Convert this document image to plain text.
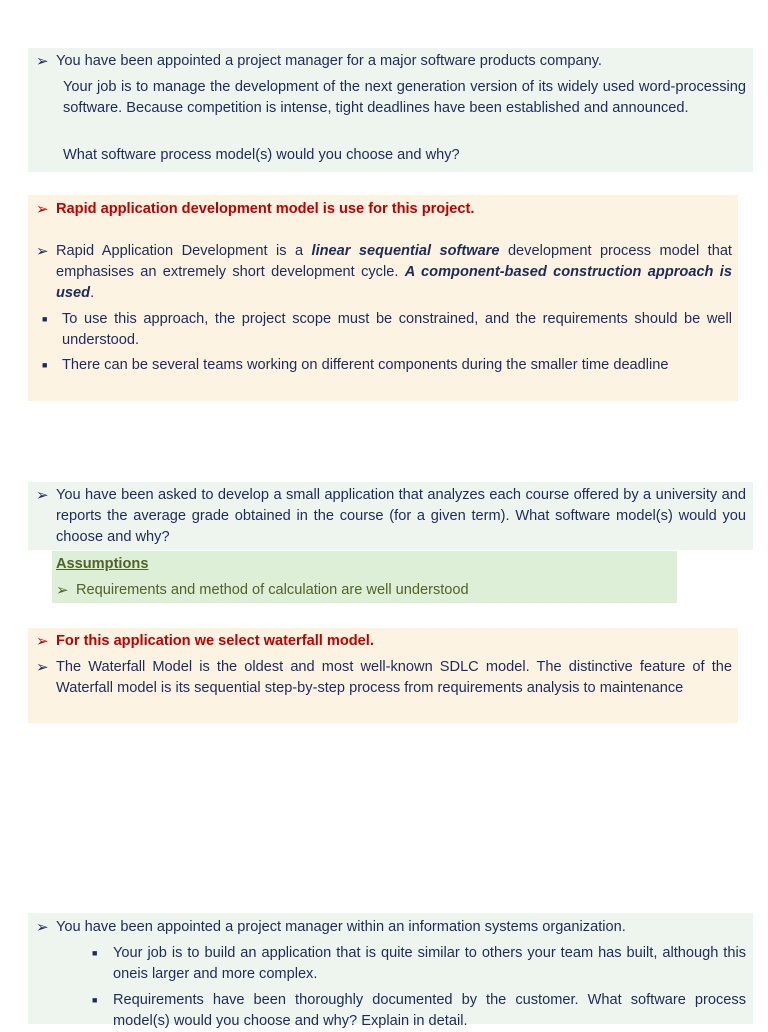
➢ You have been appointed a project manager for a major software products company.

Your job is to manage the development of the next generation version of its widely used word-processing software. Because competition is intense, tight deadlines have been established and announced.

What software process model(s) would you choose and why?

➢ Rapid application development model is use for this project.

➢ Rapid Application Development is a linear sequential software development process model that emphasises an extremely short development cycle. A component-based construction approach is used.

■ To use this approach, the project scope must be constrained, and the requirements should be well understood.

■ There can be several teams working on different components during the smaller time deadline

➢ You have been asked to develop a small application that analyzes each course offered by a university and reports the average grade obtained in the course (for a given term). What software model(s) would you choose and why?

Assumptions

➢ Requirements and method of calculation are well understood

➢ For this application we select waterfall model.

➢ The Waterfall Model is the oldest and most well-known SDLC model. The distinctive feature of the Waterfall model is its sequential step-by-step process from requirements analysis to maintenance

➢ You have been appointed a project manager within an information systems organization.

■	Your job is to build an application that is quite similar to others your team has built, although this oneis larger and more complex.

■	Requirements have been thoroughly documented by the customer. What software process model(s) would you choose and why? Explain in detail.
